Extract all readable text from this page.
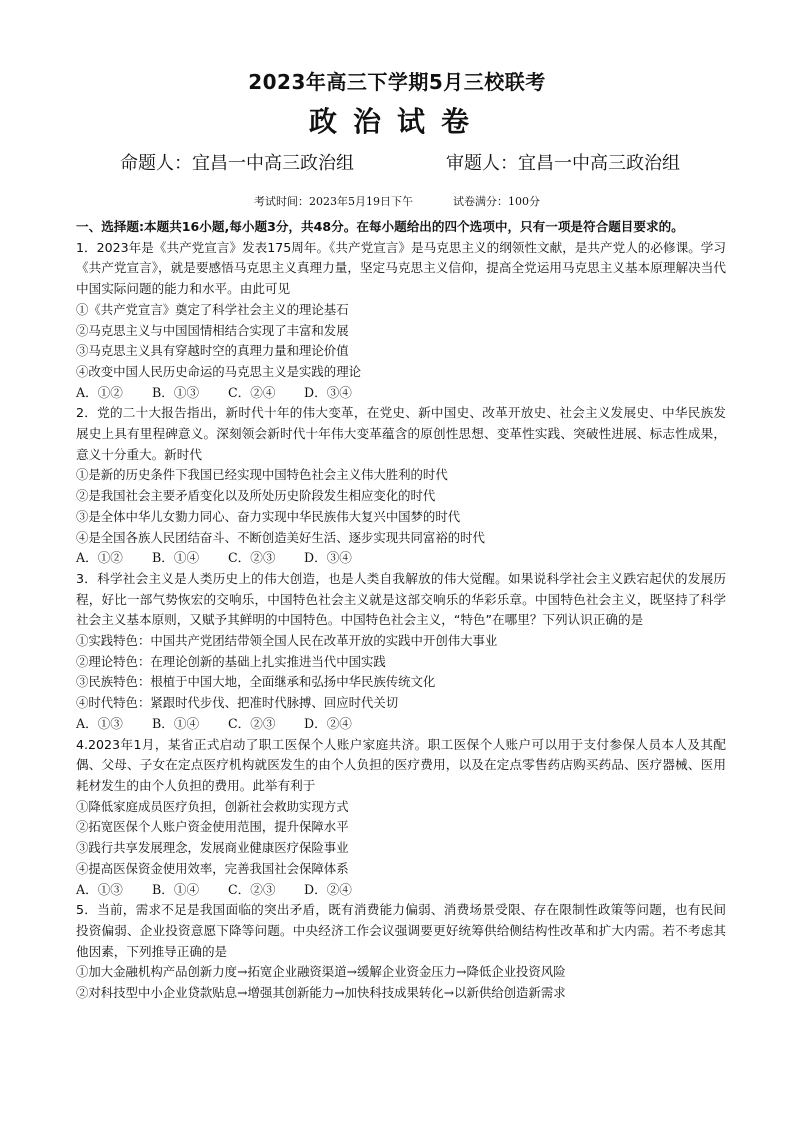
2023年高三下学期5月三校联考
政治试卷
命题人：宜昌一中高三政治组	审题人：宜昌一中高三政治组
考试时间：2023年5月19日下午	试卷满分：100分

一、选择题:本题共16小题,每小题3分，共48分。在每小题给出的四个选项中，只有一项是符合题目要求的。

1．2023年是《共产党宣言》发表175周年。《共产党宣言》是马克思主义的纲领性文献，是共产党人的必修课。学习《共产党宣言》，就是要感悟马克思主义真理力量，坚定马克思主义信仰，提高全党运用马克思主义基本原理解决当代中国实际问题的能力和水平。由此可见

①《共产党宣言》奠定了科学社会主义的理论基石

②马克思主义与中国国情相结合实现了丰富和发展

③马克思主义具有穿越时空的真理力量和理论价值

④改变中国人民历史命运的马克思主义是实践的理论

A．①② B．①③ C．②④ D．③④

2．党的二十大报告指出，新时代十年的伟大变革，在党史、新中国史、改革开放史、社会主义发展史、中华民族发展史上具有里程碑意义。深刻领会新时代十年伟大变革蕴含的原创性思想、变革性实践、突破性进展、标志性成果，意义十分重大。新时代

①是新的历史条件下我国已经实现中国特色社会主义伟大胜利的时代

②是我国社会主要矛盾变化以及所处历史阶段发生相应变化的时代

③是全体中华儿女勠力同心、奋力实现中华民族伟大复兴中国梦的时代

④是全国各族人民团结奋斗、不断创造美好生活、逐步实现共同富裕的时代

A．①② B．①④ C．②③ D．③④

3．科学社会主义是人类历史上的伟大创造，也是人类自我解放的伟大觉醒。如果说科学社会主义跌宕起伏的发展历程，好比一部气势恢宏的交响乐，中国特色社会主义就是这部交响乐的华彩乐章。中国特色社会主义，既坚持了科学社会主义基本原则，又赋予其鲜明的中国特色。中国特色社会主义，“特色”在哪里？下列认识正确的是

①实践特色：中国共产党团结带领全国人民在改革开放的实践中开创伟大事业

②理论特色：在理论创新的基础上扎实推进当代中国实践

③民族特色：根植于中国大地，全面继承和弘扬中华民族传统文化

④时代特色：紧跟时代步伐、把准时代脉搏、回应时代关切

A．①③ B．①④ C．②③ D．②④

4.2023年1月，某省正式启动了职工医保个人账户家庭共济。职工医保个人账户可以用于支付参保人员本人及其配偶、父母、子女在定点医疗机构就医发生的由个人负担的医疗费用，以及在定点零售药店购买药品、医疗器械、医用耗材发生的由个人负担的费用。此举有利于

①降低家庭成员医疗负担，创新社会救助实现方式

②拓宽医保个人账户资金使用范围，提升保障水平

③践行共享发展理念，发展商业健康医疗保险事业

④提高医保资金使用效率，完善我国社会保障体系

A．①③ B．①④ C．②③ D．②④

5．当前，需求不足是我国面临的突出矛盾，既有消费能力偏弱、消费场景受限、存在限制性政策等问题，也有民间投资偏弱、企业投资意愿下降等问题。中央经济工作会议强调要更好统筹供给侧结构性改革和扩大内需。若不考虑其他因素，下列推导正确的是

①加大金融机构产品创新力度→拓宽企业融资渠道→缓解企业资金压力→降低企业投资风险

②对科技型中小企业贷款贴息→增强其创新能力→加快科技成果转化→以新供给创造新需求
